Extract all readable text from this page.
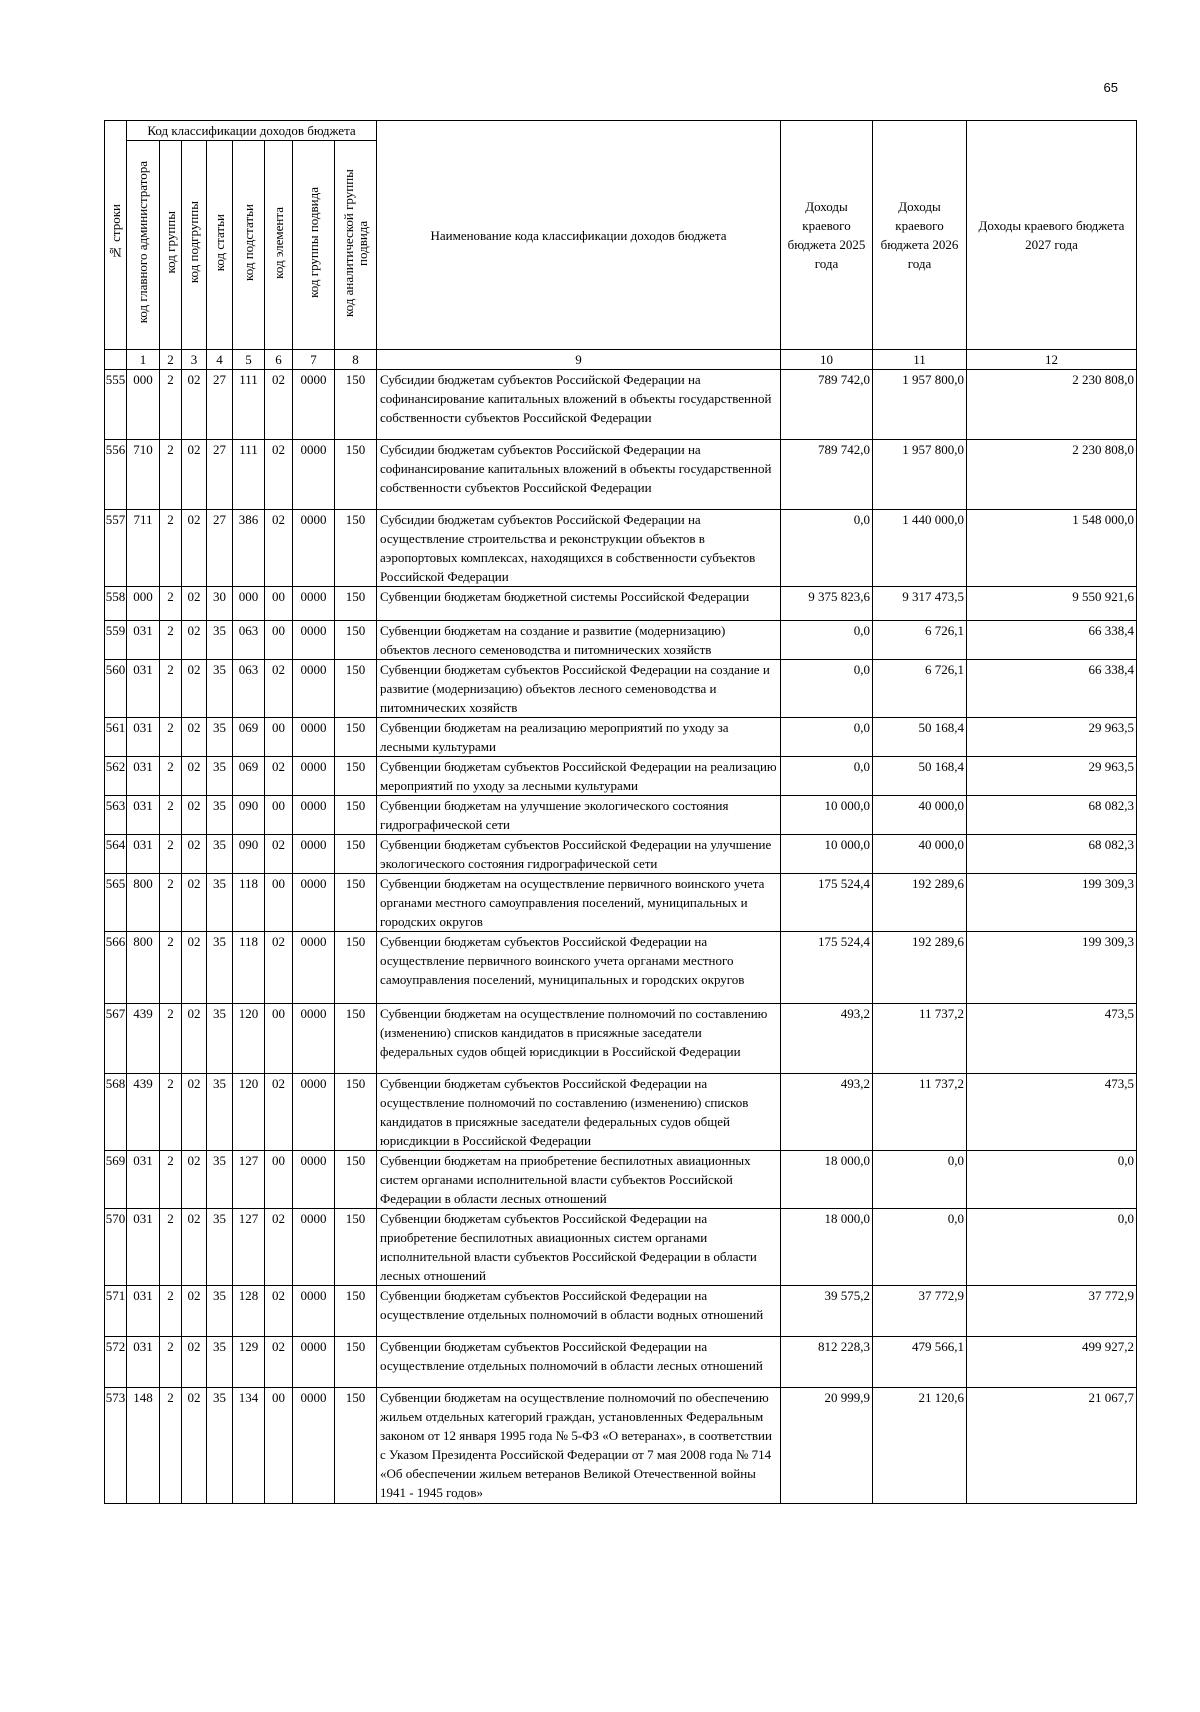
65
№ строки	Код классификации доходов бюджета								Наименование кода классификации доходов бюджета	Доходы краевого бюджета 2025 года	Доходы краевого бюджета 2026 года	Доходы краевого бюджета 2027 года
	код главного администратора	код группы	код подгруппы	код статьи	код подстатьи	код элемента	код группы подвида	код аналитической группы подвида				
	1	2	3	4	5	6	7	8	9	10	11	12
555	000	2	02	27	111	02	0000	150	Субсидии бюджетам субъектов Российской Федерации на софинансирование капитальных вложений в объекты государственной собственности субъектов Российской Федерации	789 742,0	1 957 800,0	2 230 808,0
556	710	2	02	27	111	02	0000	150	Субсидии бюджетам субъектов Российской Федерации на софинансирование капитальных вложений в объекты государственной собственности субъектов Российской Федерации	789 742,0	1 957 800,0	2 230 808,0
557	711	2	02	27	386	02	0000	150	Субсидии бюджетам субъектов Российской Федерации на осуществление строительства и реконструкции объектов в аэропортовых комплексах, находящихся в собственности субъектов Российской Федерации	0,0	1 440 000,0	1 548 000,0
558	000	2	02	30	000	00	0000	150	Субвенции бюджетам бюджетной системы Российской Федерации	9 375 823,6	9 317 473,5	9 550 921,6
559	031	2	02	35	063	00	0000	150	Субвенции бюджетам на создание и развитие (модернизацию) объектов лесного семеноводства и питомнических хозяйств	0,0	6 726,1	66 338,4
560	031	2	02	35	063	02	0000	150	Субвенции бюджетам субъектов Российской Федерации на создание и развитие (модернизацию) объектов лесного семеноводства и питомнических хозяйств	0,0	6 726,1	66 338,4
561	031	2	02	35	069	00	0000	150	Субвенции бюджетам на реализацию мероприятий по уходу за лесными культурами	0,0	50 168,4	29 963,5
562	031	2	02	35	069	02	0000	150	Субвенции бюджетам субъектов Российской Федерации на реализацию мероприятий по уходу за лесными культурами	0,0	50 168,4	29 963,5
563	031	2	02	35	090	00	0000	150	Субвенции бюджетам на улучшение экологического состояния гидрографической сети	10 000,0	40 000,0	68 082,3
564	031	2	02	35	090	02	0000	150	Субвенции бюджетам субъектов Российской Федерации на улучшение экологического состояния гидрографической сети	10 000,0	40 000,0	68 082,3
565	800	2	02	35	118	00	0000	150	Субвенции бюджетам на осуществление первичного воинского учета органами местного самоуправления поселений, муниципальных и городских округов	175 524,4	192 289,6	199 309,3
566	800	2	02	35	118	02	0000	150	Субвенции бюджетам субъектов Российской Федерации на осуществление первичного воинского учета органами местного самоуправления поселений, муниципальных и городских округов	175 524,4	192 289,6	199 309,3
567	439	2	02	35	120	00	0000	150	Субвенции бюджетам на осуществление полномочий по составлению (изменению) списков кандидатов в присяжные заседатели федеральных судов общей юрисдикции в Российской Федерации	493,2	11 737,2	473,5
568	439	2	02	35	120	02	0000	150	Субвенции бюджетам субъектов Российской Федерации на осуществление полномочий по составлению (изменению) списков кандидатов в присяжные заседатели федеральных судов общей юрисдикции в Российской Федерации	493,2	11 737,2	473,5
569	031	2	02	35	127	00	0000	150	Субвенции бюджетам на приобретение беспилотных авиационных систем органами исполнительной власти субъектов Российской Федерации в области лесных отношений	18 000,0	0,0	0,0
570	031	2	02	35	127	02	0000	150	Субвенции бюджетам субъектов Российской Федерации на приобретение беспилотных авиационных систем органами исполнительной власти субъектов Российской Федерации в области лесных отношений	18 000,0	0,0	0,0
571	031	2	02	35	128	02	0000	150	Субвенции бюджетам субъектов Российской Федерации на осуществление отдельных полномочий в области водных отношений	39 575,2	37 772,9	37 772,9
572	031	2	02	35	129	02	0000	150	Субвенции бюджетам субъектов Российской Федерации на осуществление отдельных полномочий в области лесных отношений	812 228,3	479 566,1	499 927,2
573	148	2	02	35	134	00	0000	150	Субвенции бюджетам на осуществление полномочий по обеспечению жильем отдельных категорий граждан, установленных Федеральным законом от 12 января 1995 года № 5-ФЗ «О ветеранах», в соответствии с Указом Президента Российской Федерации от 7 мая 2008 года № 714 «Об обеспечении жильем ветеранов Великой Отечественной войны 1941 - 1945 годов»	20 999,9	21 120,6	21 067,7
